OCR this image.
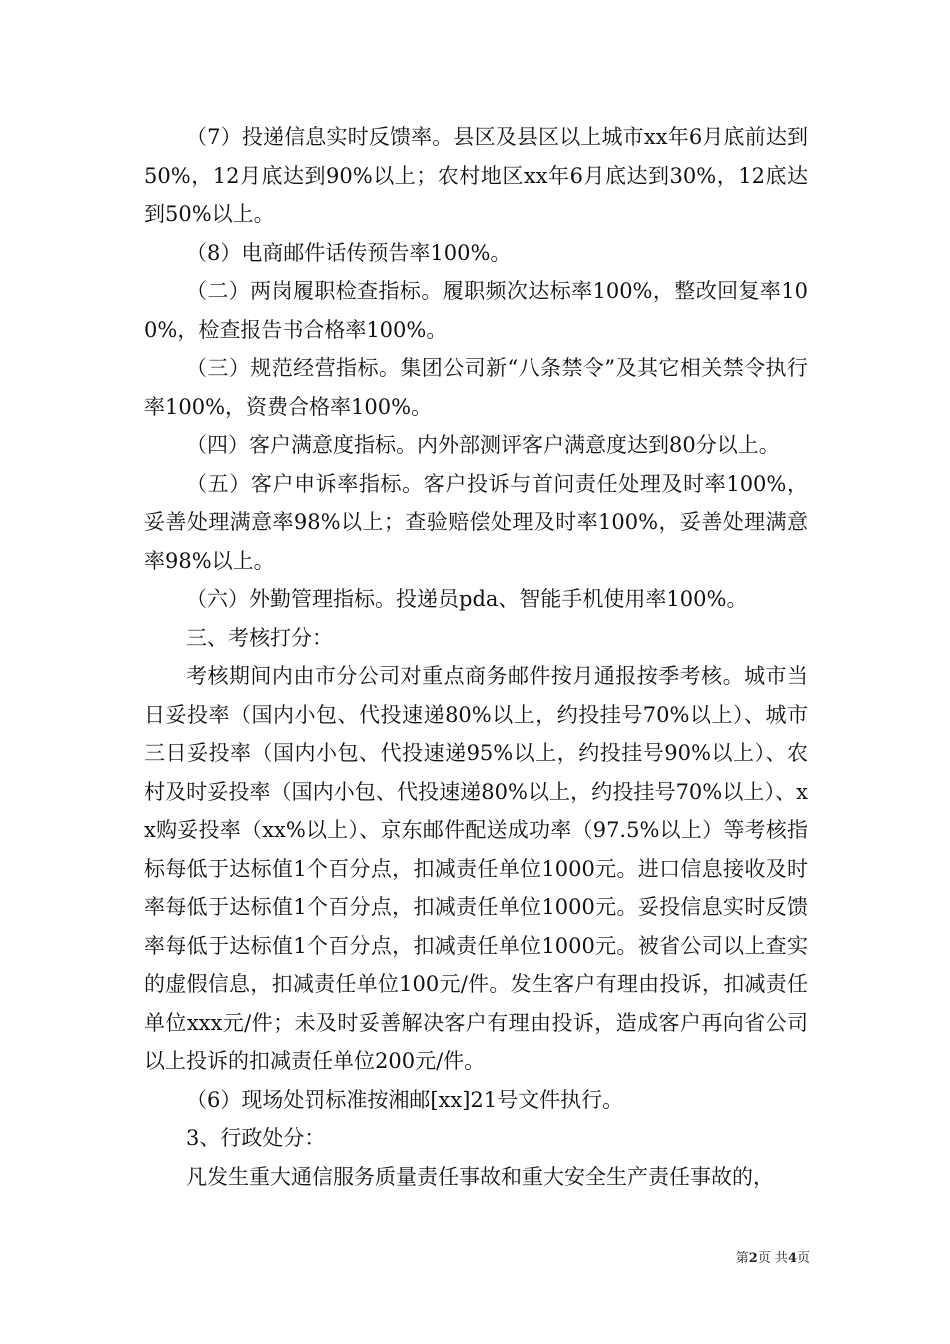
（7）投递信息实时反馈率。县区及县区以上城市xx年6月底前达到50%，12月底达到90%以上；农村地区xx年6月底达到30%，12底达到50%以上。

（8）电商邮件话传预告率100%。

（二）两岗履职检查指标。履职频次达标率100%，整改回复率100%，检查报告书合格率100%。

（三）规范经营指标。集团公司新“八条禁令”及其它相关禁令执行率100%，资费合格率100%。

（四）客户满意度指标。内外部测评客户满意度达到80分以上。

（五）客户申诉率指标。客户投诉与首问责任处理及时率100%，妥善处理满意率98%以上；查验赔偿处理及时率100%，妥善处理满意率98%以上。

（六）外勤管理指标。投递员pda、智能手机使用率100%。

三、考核打分：

考核期间内由市分公司对重点商务邮件按月通报按季考核。城市当日妥投率（国内小包、代投速递80%以上，约投挂号70%以上）、城市三日妥投率（国内小包、代投速递95%以上，约投挂号90%以上）、农村及时妥投率（国内小包、代投速递80%以上，约投挂号70%以上）、xx购妥投率（xx%以上）、京东邮件配送成功率（97.5%以上）等考核指标每低于达标值1个百分点，扣减责任单位1000元。进口信息接收及时率每低于达标值1个百分点，扣减责任单位1000元。妥投信息实时反馈率每低于达标值1个百分点，扣减责任单位1000元。被省公司以上查实的虚假信息，扣减责任单位100元/件。发生客户有理由投诉，扣减责任单位xxx元/件；未及时妥善解决客户有理由投诉，造成客户再向省公司以上投诉的扣减责任单位200元/件。

（6）现场处罚标准按湘邮[xx]21号文件执行。

3、行政处分：

凡发生重大通信服务质量责任事故和重大安全生产责任事故的，

第2页 共4页
